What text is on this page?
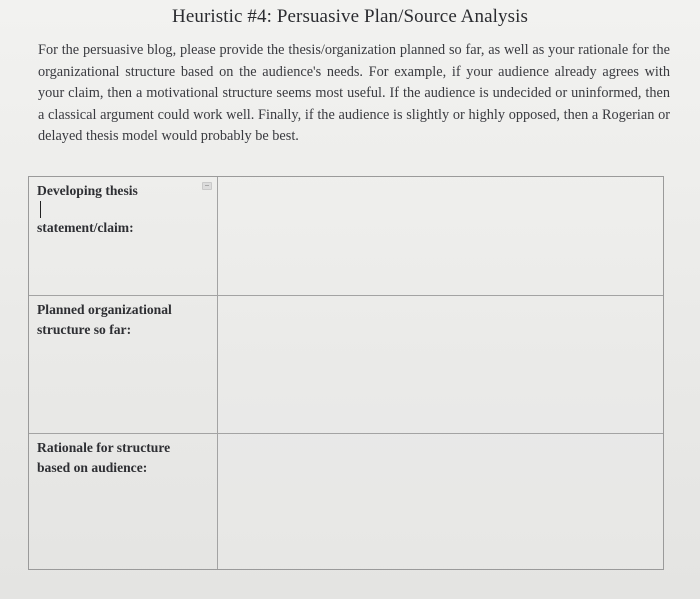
Heuristic #4: Persuasive Plan/Source Analysis

For the persuasive blog, please provide the thesis/organization planned so far, as well as your rationale for the organizational structure based on the audience's needs. For example, if your audience already agrees with your claim, then a motivational structure seems most useful. If the audience is undecided or uninformed, then a classical argument could work well. Finally, if the audience is slightly or highly opposed, then a Rogerian or delayed thesis model would probably be best.

Developing thesis
statement/claim:
Planned organizational
structure so far:
Rationale for structure
based on audience:
